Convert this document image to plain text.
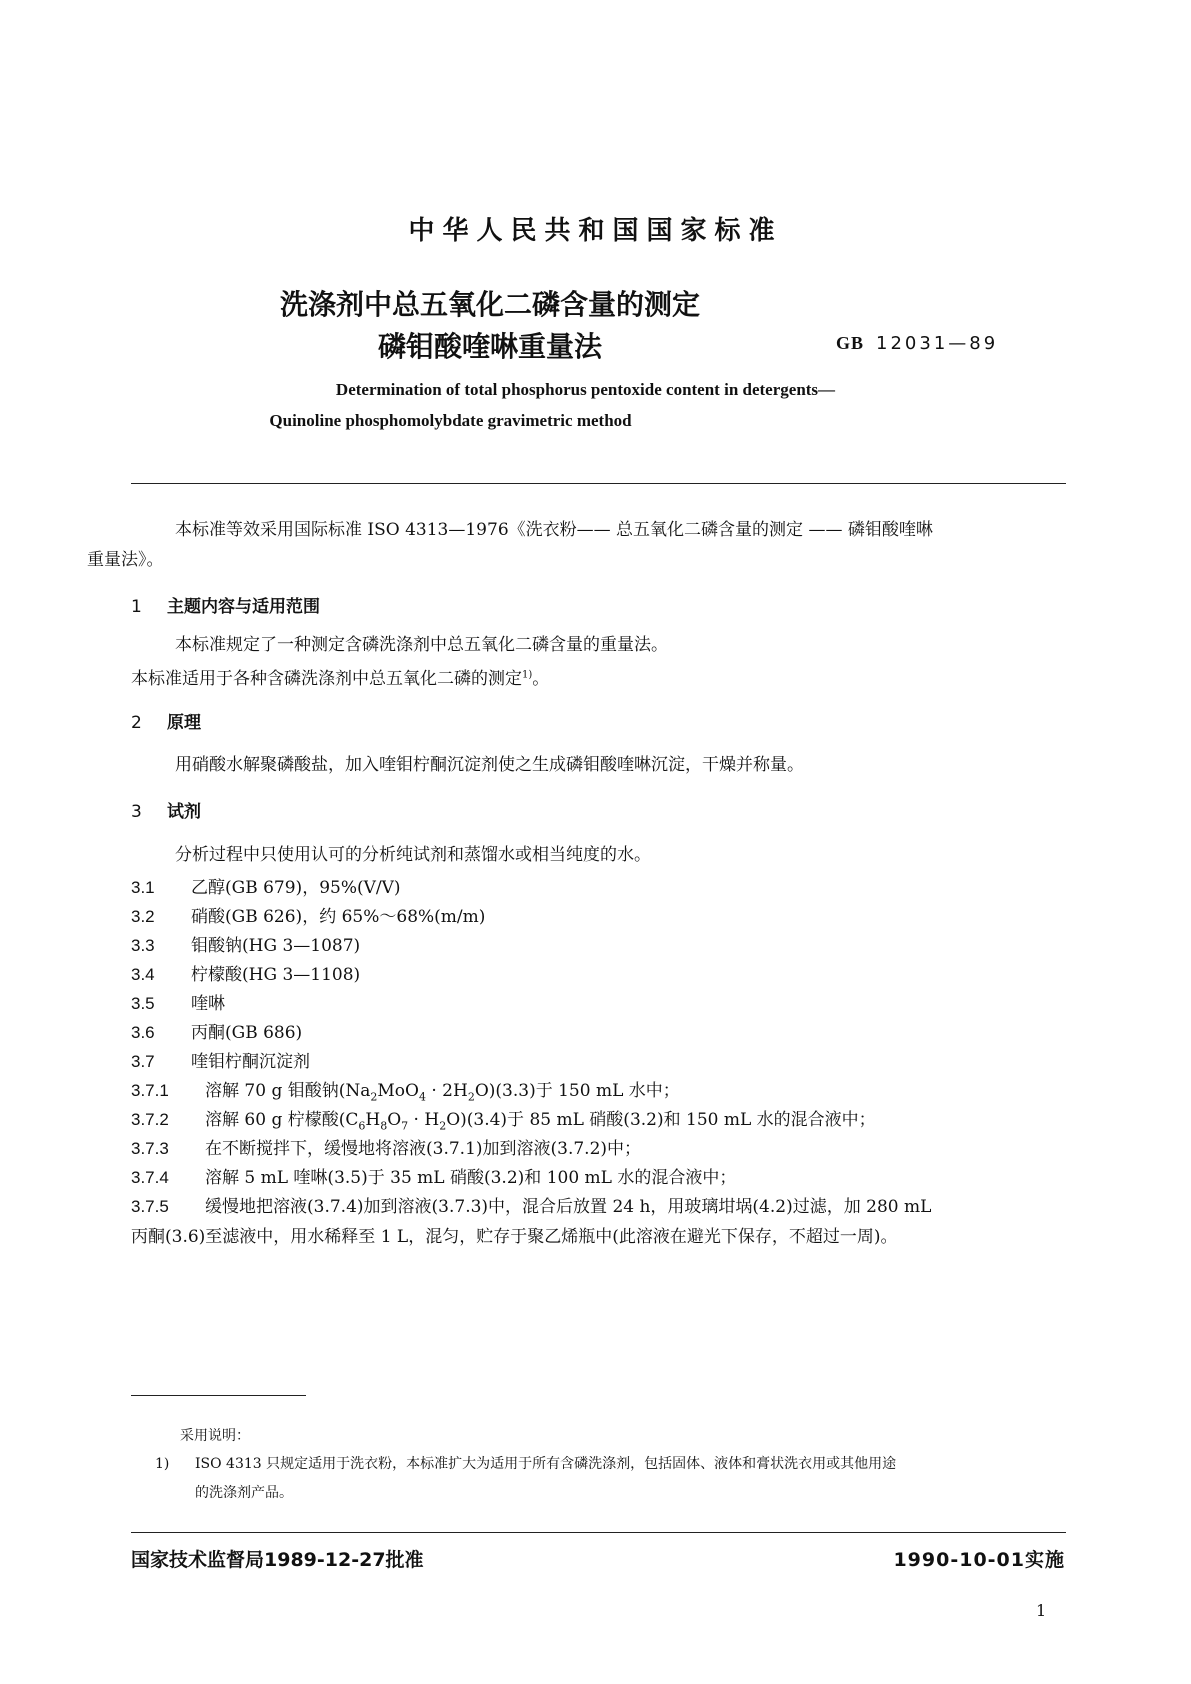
中华人民共和国国家标准
洗涤剂中总五氧化二磷含量的测定
磷钼酸喹啉重量法	GB 12031—89
Determination of total phosphorus pentoxide content in detergents—
Quinoline phosphomolybdate gravimetric method
本标准等效采用国际标准 ISO 4313—1976《洗衣粉—— 总五氧化二磷含量的测定 —— 磷钼酸喹啉
重量法》。
1 主题内容与适用范围
本标准规定了一种测定含磷洗涤剂中总五氧化二磷含量的重量法。
本标准适用于各种含磷洗涤剂中总五氧化二磷的测定$^{1)}$。
2 原理
用硝酸水解聚磷酸盐，加入喹钼柠酮沉淀剂使之生成磷钼酸喹啉沉淀，干燥并称量。
3 试剂
分析过程中只使用认可的分析纯试剂和蒸馏水或相当纯度的水。
3.1 乙醇(GB 679)，95%(V/V)
3.2 硝酸(GB 626)，约 65%～68%(m/m)
3.3 钼酸钠(HG 3—1087)
3.4 柠檬酸(HG 3—1108)
3.5 喹啉
3.6 丙酮(GB 686)
3.7 喹钼柠酮沉淀剂
3.7.1 溶解 70 g 钼酸钠$(Na_2MoO_4 \cdot 2H_2O)(3.3)$于 150 mL 水中；
3.7.2 溶解 60 g 柠檬酸$(C_6H_8O_7 \cdot H_2O)(3.4)$于 85 mL 硝酸(3.2)和 150 mL 水的混合液中；
3.7.3 在不断搅拌下，缓慢地将溶液(3.7.1)加到溶液(3.7.2)中；
3.7.4 溶解 5 mL 喹啉(3.5)于 35 mL 硝酸(3.2)和 100 mL 水的混合液中；
3.7.5 缓慢地把溶液(3.7.4)加到溶液(3.7.3)中，混合后放置 24 h，用玻璃坩埚(4.2)过滤，加 280 mL
丙酮(3.6)至滤液中，用水稀释至 1 L，混匀，贮存于聚乙烯瓶中(此溶液在避光下保存，不超过一周)。
采用说明：
1) ISO 4313 只规定适用于洗衣粉，本标准扩大为适用于所有含磷洗涤剂，包括固体、液体和膏状洗衣用或其他用途
的洗涤剂产品。
国家技术监督局1989-12-27批准	1990-10-01实施
1
